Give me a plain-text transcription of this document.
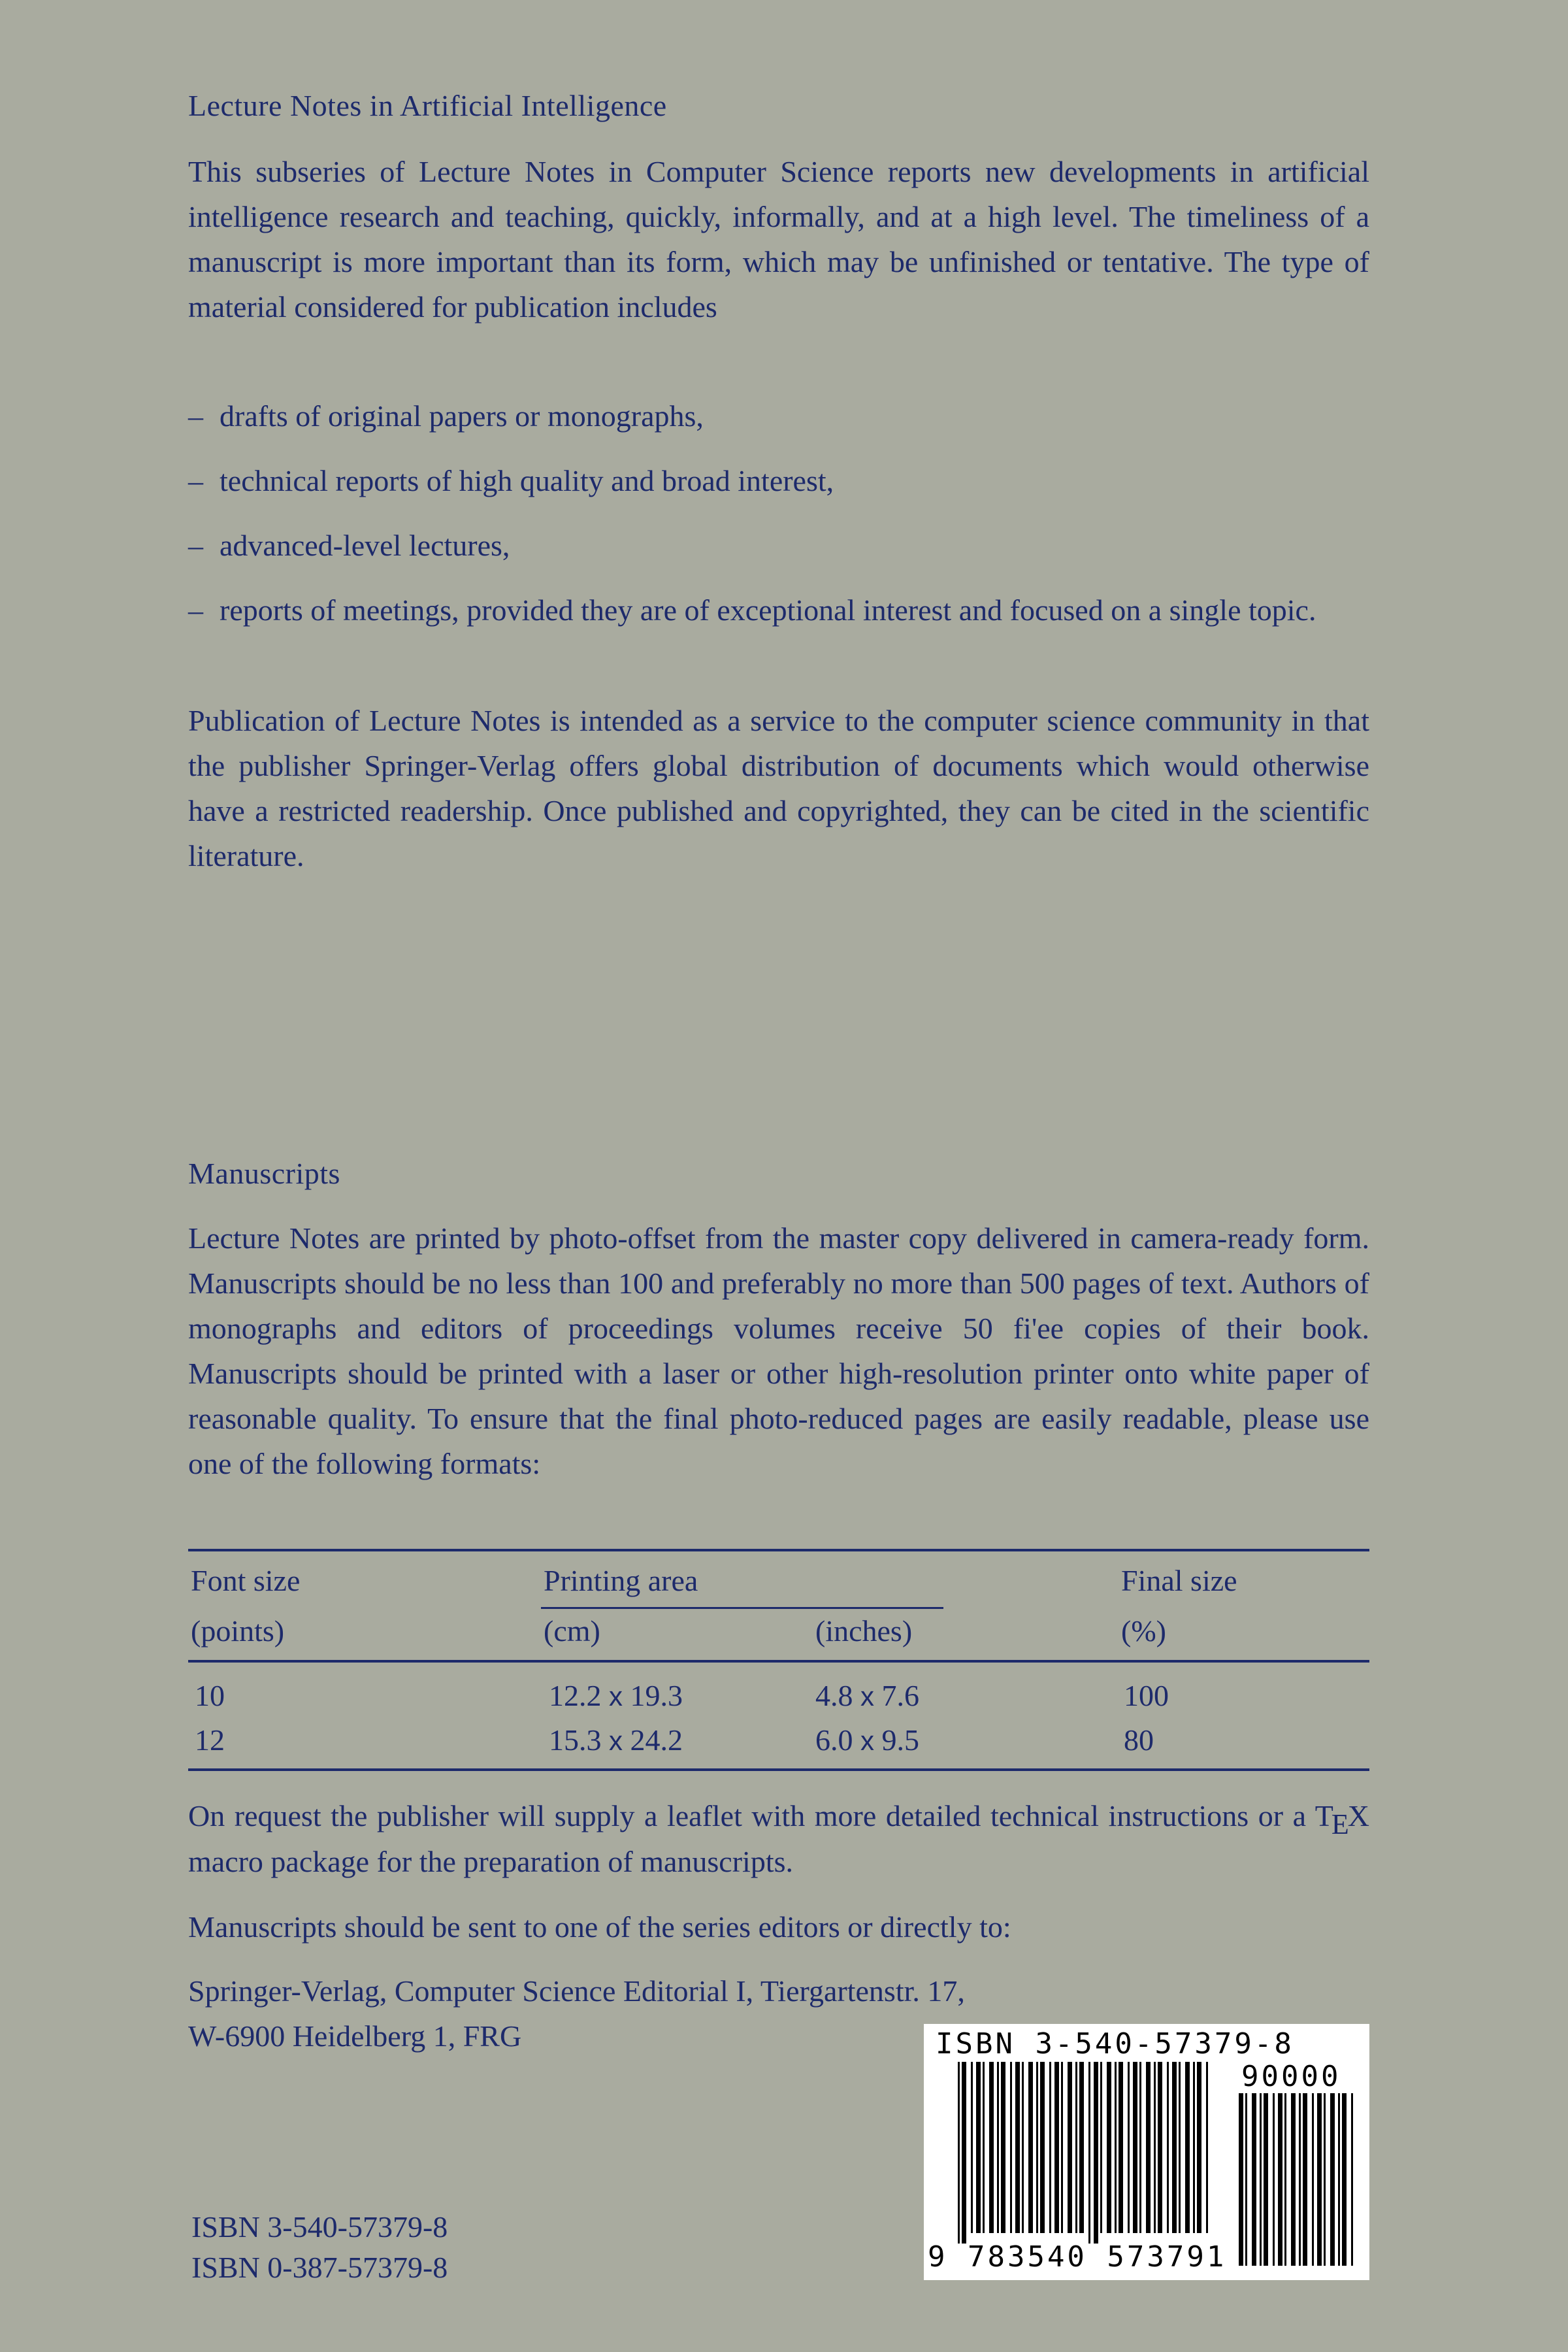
Lecture Notes in Artificial Intelligence
This subseries of Lecture Notes in Computer Science reports new developments in artificial intelligence research and teaching, quickly, informally, and at a high level. The timeliness of a manuscript is more important than its form, which may be unfinished or tentative. The type of material considered for publication includes
– drafts of original papers or monographs,
– technical reports of high quality and broad interest,
– advanced-level lectures,
– reports of meetings, provided they are of exceptional interest and focused on a single topic.
Publication of Lecture Notes is intended as a service to the computer science community in that the publisher Springer-Verlag offers global distribution of documents which would otherwise have a restricted readership. Once published and copyrighted, they can be cited in the scientific literature.
Manuscripts
Lecture Notes are printed by photo-offset from the master copy delivered in camera-ready form. Manuscripts should be no less than 100 and preferably no more than 500 pages of text. Authors of monographs and editors of proceedings volumes receive 50 fi'ee copies of their book. Manuscripts should be printed with a laser or other high-resolution printer onto white paper of reasonable quality. To ensure that the final photo-reduced pages are easily readable, please use one of the following formats:
Font size	Printing area	Final size
(points)	(cm)	(inches)	(%)
10	12.2 x 19.3	4.8 x 7.6	100
12	15.3 x 24.2	6.0 x 9.5	80
On request the publisher will supply a leaflet with more detailed technical instructions or a TEX macro package for the preparation of manuscripts.
Manuscripts should be sent to one of the series editors or directly to:
Springer-Verlag, Computer Science Editorial I, Tiergartenstr. 17,
W-6900 Heidelberg 1, FRG	ISBN 3-540-57379-8
90000
9 783540 573791
ISBN 3-540-57379-8
ISBN 0-387-57379-8
